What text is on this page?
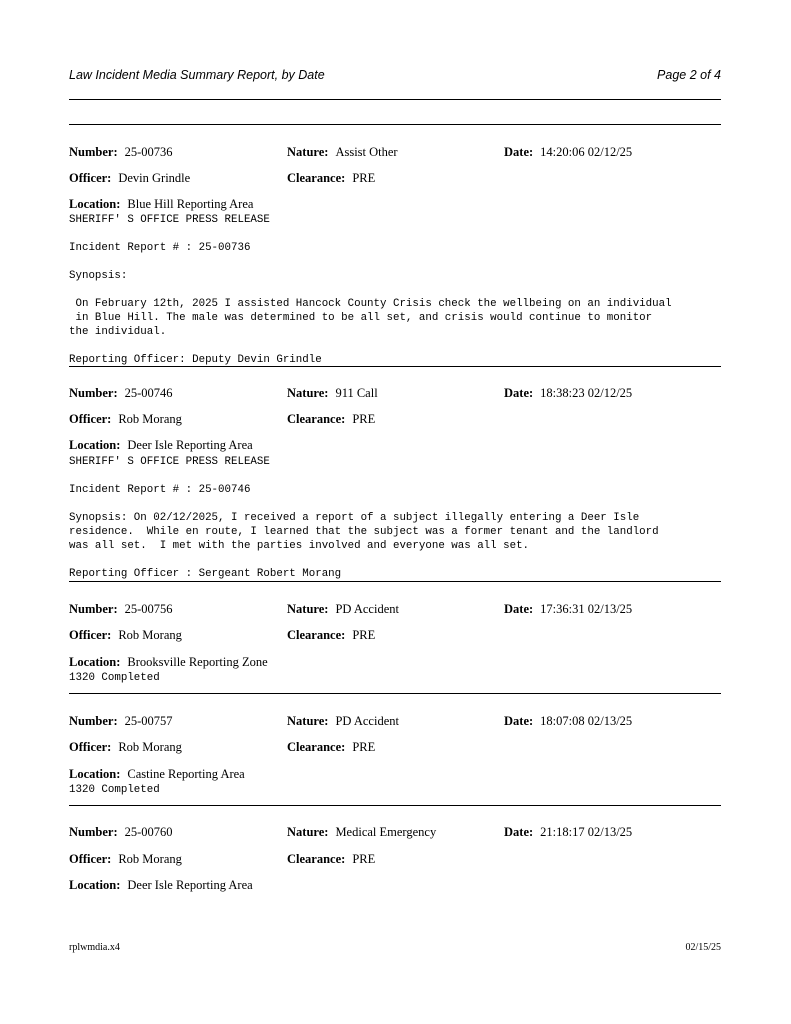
Law Incident Media Summary Report, by Date	Page 2 of 4
Number: 25-00736	Nature: Assist Other	Date: 14:20:06 02/12/25
Officer: Devin Grindle	Clearance: PRE
Location: Blue Hill Reporting Area
SHERIFF' S OFFICE PRESS RELEASE

Incident Report # : 25-00736

Synopsis:

On February 12th, 2025 I assisted Hancock County Crisis check the wellbeing on an individual
in Blue Hill. The male was determined to be all set, and crisis would continue to monitor
the individual.

Reporting Officer: Deputy Devin Grindle
Number: 25-00746	Nature: 911 Call	Date: 18:38:23 02/12/25
Officer: Rob Morang	Clearance: PRE
Location: Deer Isle Reporting Area
SHERIFF' S OFFICE PRESS RELEASE

Incident Report # : 25-00746

Synopsis: On 02/12/2025, I received a report of a subject illegally entering a Deer Isle
residence.  While en route, I learned that the subject was a former tenant and the landlord
was all set.  I met with the parties involved and everyone was all set.

Reporting Officer : Sergeant Robert Morang
Number: 25-00756	Nature: PD Accident	Date: 17:36:31 02/13/25
Officer: Rob Morang	Clearance: PRE
Location: Brooksville Reporting Zone
1320 Completed
Number: 25-00757	Nature: PD Accident	Date: 18:07:08 02/13/25
Officer: Rob Morang	Clearance: PRE
Location: Castine Reporting Area
1320 Completed
Number: 25-00760	Nature: Medical Emergency	Date: 21:18:17 02/13/25
Officer: Rob Morang	Clearance: PRE
Location: Deer Isle Reporting Area
rplwmdia.x4	02/15/25
